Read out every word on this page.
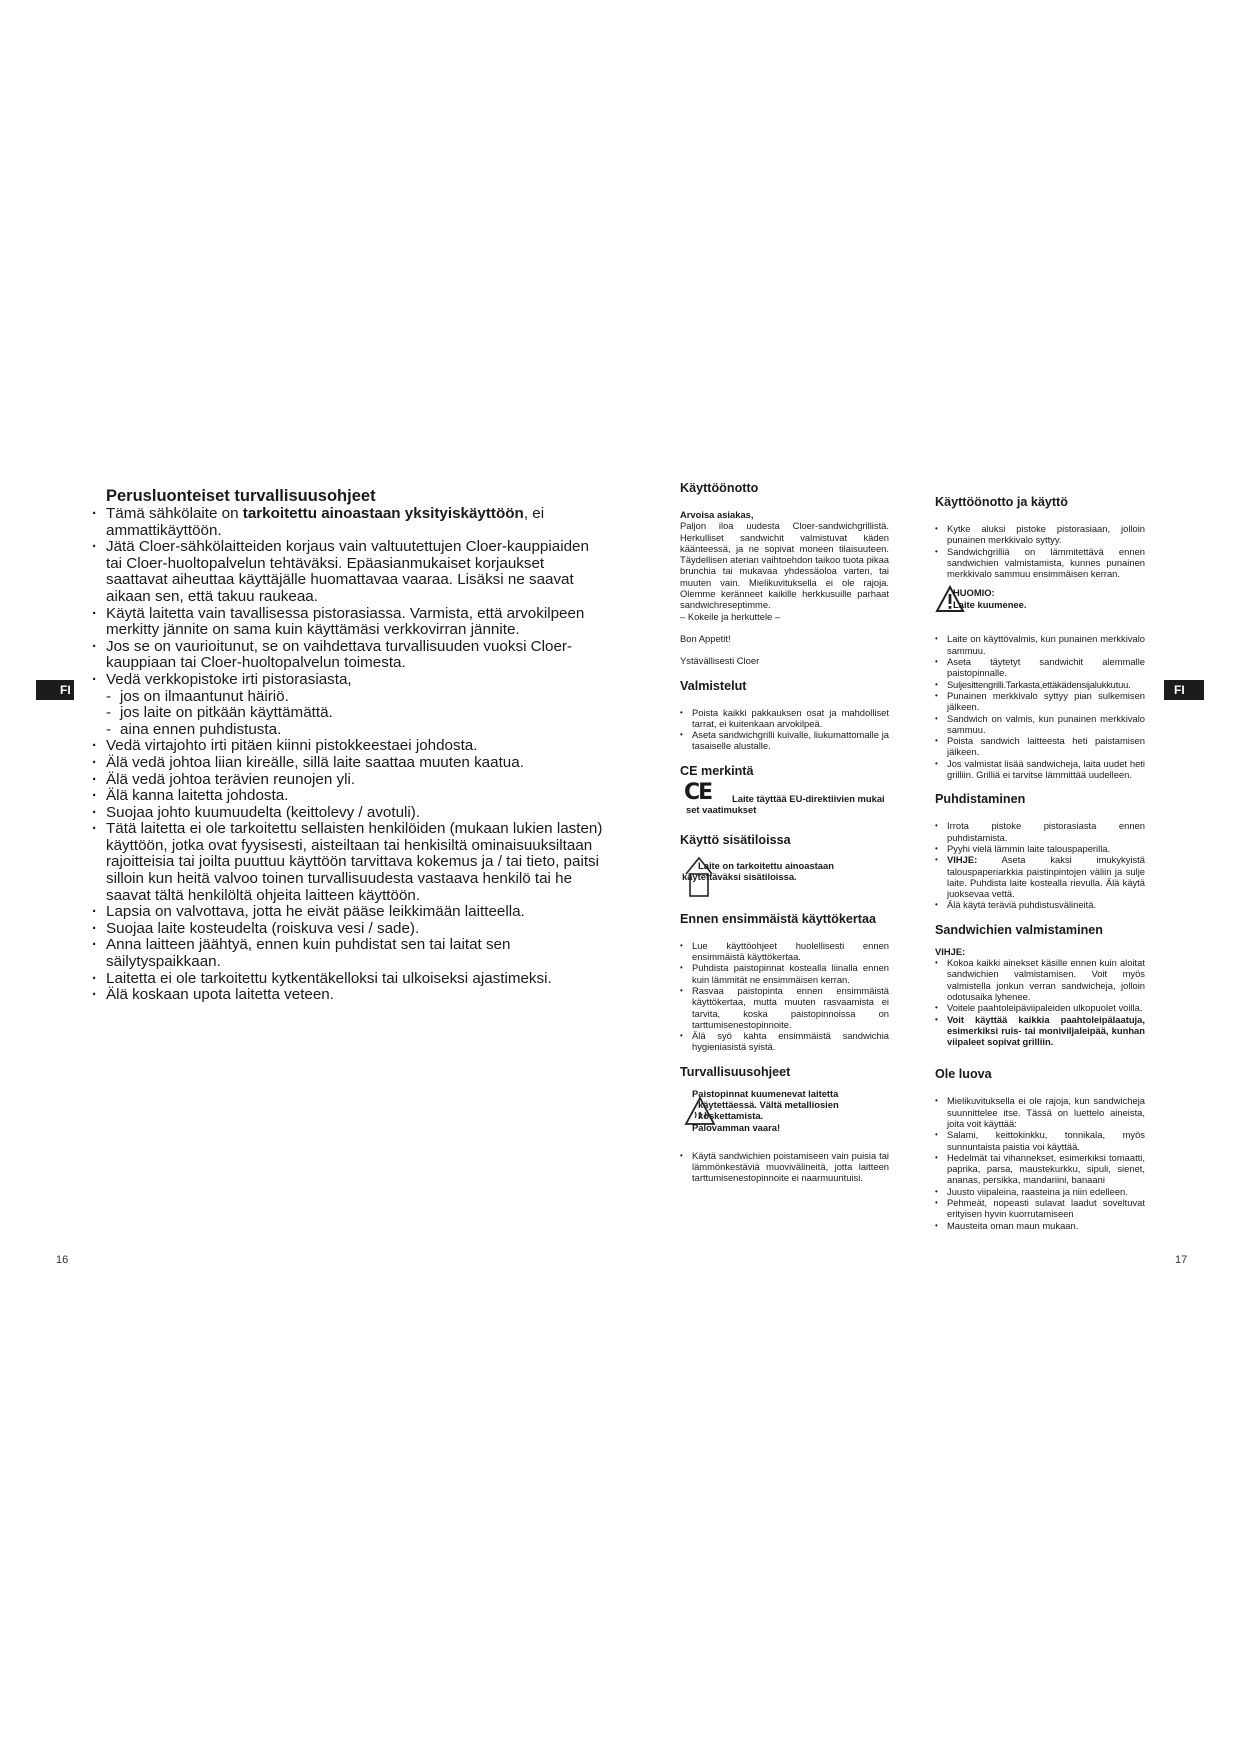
FI	FI
16	17
Perusluonteiset turvallisuusohjeet
· Tämä sähkölaite on tarkoitettu ainoastaan yksityiskäyttöön, ei ammattikäyttöön.
· Jätä Cloer-sähkölaitteiden korjaus vain valtuutettujen Cloer-kauppiaiden tai Cloer-huoltopalvelun tehtäväksi. Epäasianmukaiset korjaukset saattavat aiheuttaa käyttäjälle huomattavaa vaaraa. Lisäksi ne saavat aikaan sen, että takuu raukeaa.
· Käytä laitetta vain tavallisessa pistorasiassa. Varmista, että arvokilpeen merkitty jännite on sama kuin käyttämäsi verkkovirran jännite.
· Jos se on vaurioitunut, se on vaihdettava turvallisuuden vuoksi Cloer-kauppiaan tai Cloer-huoltopalvelun toimesta.
· Vedä verkkopistoke irti pistorasiasta,
- jos on ilmaantunut häiriö.
- jos laite on pitkään käyttämättä.
- aina ennen puhdistusta.
· Vedä virtajohto irti pitäen kiinni pistokkeestaei johdosta.
· Älä vedä johtoa liian kireälle, sillä laite saattaa muuten kaatua.
· Älä vedä johtoa terävien reunojen yli.
· Älä kanna laitetta johdosta.
· Suojaa johto kuumuudelta (keittolevy / avotuli).
· Tätä laitetta ei ole tarkoitettu sellaisten henkilöiden (mukaan lukien lasten) käyttöön, jotka ovat fyysisesti, aisteiltaan tai henkisiltä ominaisuuksiltaan rajoitteisia tai joilta puuttuu käyttöön tarvittava kokemus ja / tai tieto, paitsi silloin kun heitä valvoo toinen turvallisuudesta vastaava henkilö tai he saavat tältä henkilöltä ohjeita laitteen käyttöön.
· Lapsia on valvottava, jotta he eivät pääse leikkimään laitteella.
· Suojaa laite kosteudelta (roiskuva vesi / sade).
· Anna laitteen jäähtyä, ennen kuin puhdistat sen tai laitat sen säilytyspaikkaan.
· Laitetta ei ole tarkoitettu kytkentäkelloksi tai ulkoiseksi ajastimeksi.
· Älä koskaan upota laitetta veteen.
Käyttöönotto

Arvoisa asiakas,

Paljon iloa uudesta Cloer-sandwichgrillistä. Herkulliset sandwichit valmistuvat käden käänteessä, ja ne sopivat moneen tilaisuuteen. Täydellisen aterian vaihtoehdon taikoo tuota pikaa brunchia tai mukavaa yhdessäoloa varten, tai muuten vain. Mielikuvituksella ei ole rajoja. Olemme keränneet kaikille herkkusuille parhaat sandwichreseptimme.

– Kokeile ja herkuttele –

Bon Appetit!

Ystävällisesti Cloer

Valmistelut
• Poista kaikki pakkauksen osat ja mahdolliset tarrat, ei kuitenkaan arvokilpeä.
• Aseta sandwichgrilli kuivalle, liukumattomalle ja tasaiselle alustalle.
CE merkintä
CE	Laite täyttää EU-direktiivien mukai
set vaatimukset
Käyttö sisätiloissa
Laite on tarkoitettu ainoastaan
käytettäväksi sisätiloissa.
Ennen ensimmäistä käyttökertaa
• Lue käyttöohjeet huolellisesti ennen ensimmäistä käyttökertaa.
• Puhdista paistopinnat kostealla liinalla ennen kuin lämmität ne ensimmäisen kerran.
• Rasvaa paistopinta ennen ensimmäistä käyttökertaa, mutta muuten rasvaamista ei tarvita, koska paistopinnoissa on tarttumisenestopinnoite.
• Älä syö kahta ensimmäistä sandwichia hygieniasistä syistä.
Turvallisuusohjeet
Paistopinnat kuumenevat laitetta
käytettäessä. Vältä metalliosien
koskettamista.
Palovamman vaara!
• Käytä sandwichien poistamiseen vain puisia tai lämmönkestäviä muovivälineitä, jotta laitteen tarttumisenestopinnoite ei naarmuuntuisi.
Käyttöönotto ja käyttö
• Kytke aluksi pistoke pistorasiaan, jolloin punainen merkkivalo syttyy.
• Sandwichgrilliä on lämmitettävä ennen sandwichien valmistamista, kunnes punainen merkkivalo sammuu ensimmäisen kerran.
HUOMIO:
Laite kuumenee.
• Laite on käyttövalmis, kun punainen merkkivalo sammuu.
• Aseta täytetyt sandwichit alemmalle paistopinnalle.
• Suljesittengrilli.Tarkasta,ettäkädensijalukkutuu.
• Punainen merkkivalo syttyy pian sulkemisen jälkeen.
• Sandwich on valmis, kun punainen merkkivalo sammuu.
• Poista sandwich laitteesta heti paistamisen jälkeen.
• Jos valmistat lisää sandwicheja, laita uudet heti grilliin. Grilliä ei tarvitse lämmittää uudelleen.
Puhdistaminen
• Irrota pistoke pistorasiasta ennen puhdistamista.
• Pyyhi vielä lämmin laite talouspaperilla.
• VIHJE: Aseta kaksi imukykyistä talouspaperiarkkia paistinpintojen väliin ja sulje laite. Puhdista laite kostealla rievulla. Älä käytä juoksevaa vettä.
• Älä käytä teräviä puhdistusvälineitä.
Sandwichien valmistaminen

VIHJE:

• Kokoa kaikki ainekset käsille ennen kuin aloitat sandwichien valmistamisen. Voit myös valmistella jonkun verran sandwicheja, jolloin odotusaika lyhenee.
• Voitele paahtoleipäviipaleiden ulkopuolet voilla.
• Voit käyttää kaikkia paahtoleipälaatuja, esimerkiksi ruis- tai moniviljaleipää, kunhan viipaleet sopivat grilliin.
Ole luova
• Mielikuvituksella ei ole rajoja, kun sandwicheja suunnittelee itse. Tässä on luettelo aineista, joita voit käyttää:
• Salami, keittokinkku, tonnikala, myös sunnuntaista paistia voi käyttää.
• Hedelmät tai vihannekset, esimerkiksi tomaatti, paprika, parsa, maustekurkku, sipuli, sienet, ananas, persikka, mandariini, banaani
• Juusto viipaleina, raasteina ja niin edelleen.
• Pehmeät, nopeasti sulavat laadut soveltuvat erityisen hyvin kuorrutamiseen
• Mausteita oman maun mukaan.
